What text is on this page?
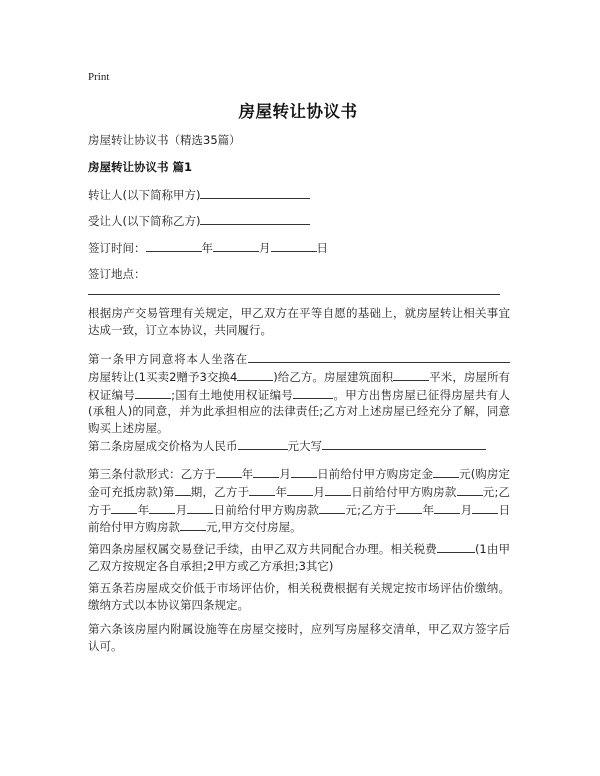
Print
房屋转让协议书
房屋转让协议书（精选35篇）
房屋转让协议书 篇1
转让人(以下简称甲方)
受让人(以下简称乙方)
签订时间：	年	月	日
签订地点：
根据房产交易管理有关规定，甲乙双方在平等自愿的基础上，就房屋转让相关事宜达成一致，订立本协议，共同履行。
第一条甲方同意将本人坐落在房屋转让(1买卖2赠予3交换4	)给乙方。房屋建筑面积	平米，房屋所有权证编号	;国有土地使用权证编号	。甲方出售房屋已征得房屋共有人(承租人)的同意，并为此承担相应的法律责任;乙方对上述房屋已经充分了解，同意购买上述房屋。
第二条房屋成交价格为人民币	元大写
第三条付款形式：乙方于 年 月 日前给付甲方购房定金 元(购房定金可充抵房款)第 期，乙方于 年 月 日前给付甲方购房款 元;乙方于 年 月 日前给付甲方购房款 元;乙方于 年 月 日前给付甲方购房款 元,甲方交付房屋。
第四条房屋权属交易登记手续，由甲乙双方共同配合办理。相关税费	(1由甲乙双方按规定各自承担;2甲方或乙方承担;3其它)
第五条若房屋成交价低于市场评估价，相关税费根据有关规定按市场评估价缴纳。缴纳方式以本协议第四条规定。
第六条该房屋内附属设施等在房屋交接时，应列写房屋移交清单，甲乙双方签字后认可。
